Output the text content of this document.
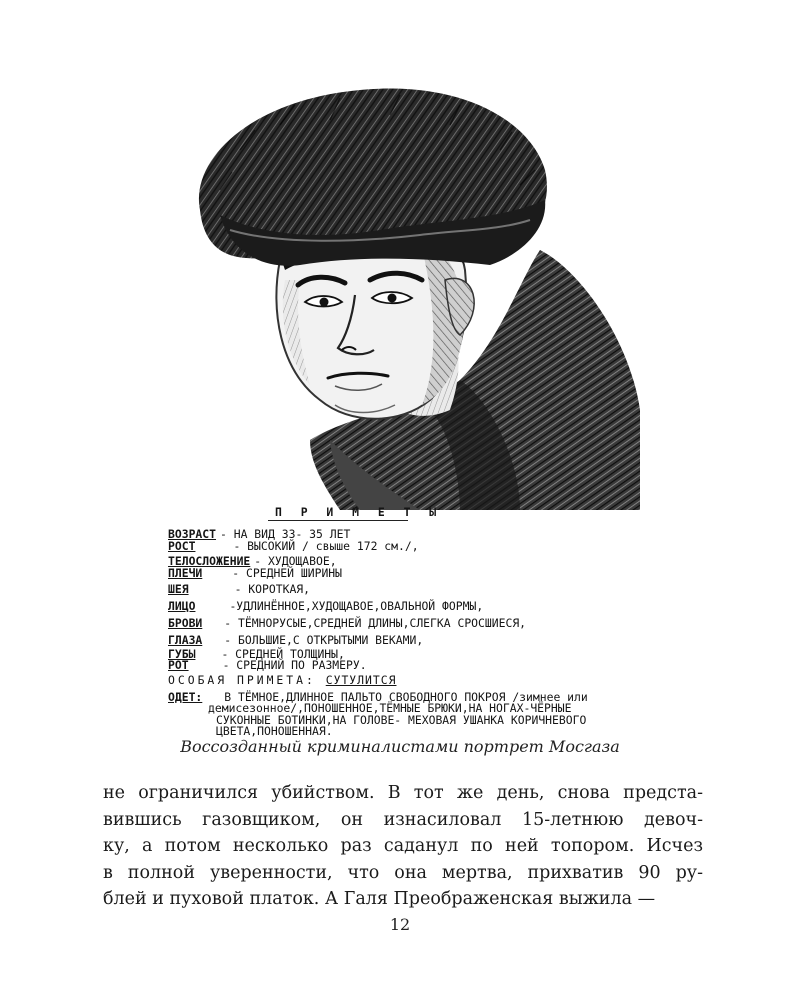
П Р И М Е Т Ы
ВОЗРАСТ - НА ВИД 33- 35 ЛЕТ
РОСТ	- ВЫСОКИЙ / свыше 172 см./,
ТЕЛОСЛОЖЕНИЕ - ХУДОЩАВОЕ,
ПЛЕЧИ	- СРЕДНЕЙ ШИРИНЫ
ШЕЯ	- КОРОТКАЯ,
ЛИЦО	-УДЛИНЁННОЕ,ХУДОЩАВОЕ,ОВАЛЬНОЙ ФОРМЫ,
БРОВИ - ТЁМНОРУСЫЕ,СРЕДНЕЙ ДЛИНЫ,СЛЕГКА СРОСШИЕСЯ,
ГЛАЗА - БОЛЬШИЕ,С ОТКРЫТЫМИ ВЕКАМИ,
ГУБЫ - СРЕДНЕЙ ТОЛЩИНЫ,
РОТ	- СРЕДНИЙ ПО РАЗМЕРУ.
ОСОБАЯ ПРИМЕТА: СУТУЛИТСЯ
ОДЕТ: В ТЁМНОЕ,ДЛИННОЕ ПАЛЬТО СВОБОДНОГО ПОКРОЯ /зимнее или
демисезонное/,ПОНОШЕННОЕ,ТЁМНЫЕ БРЮКИ,НА НОГАХ-ЧЁРНЫЕ
СУКОННЫЕ БОТИНКИ,НА ГОЛОВЕ- МЕХОВАЯ УШАНКА КОРИЧНЕВОГО
ЦВЕТА,ПОНОШЕННАЯ.
Воссозданный криминалистами портрет Мосгаза
не ограничился убийством. В тот же день, снова предста-
вившись газовщиком, он изнасиловал 15-летнюю девоч-
ку, а потом несколько раз саданул по ней топором. Исчез
в полной уверенности, что она мертва, прихватив 90 ру-
блей и пуховой платок. А Галя Преображенская выжила —
12
